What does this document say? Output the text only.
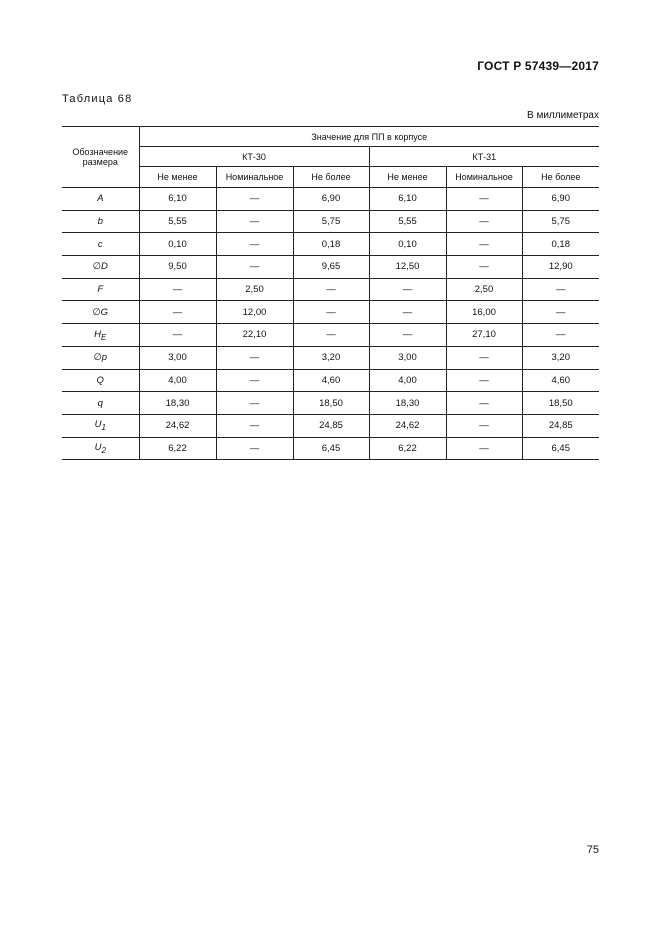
ГОСТ Р 57439—2017
Таблица 68
В миллиметрах
Обозначение размера	Значение для ПП в корпусе					
	КТ-30			КТ-31		
	Не менее	Номинальное	Не более	Не менее	Номинальное	Не более
A	6,10	—	6,90	6,10	—	6,90
b	5,55	—	5,75	5,55	—	5,75
c	0,10	—	0,18	0,10	—	0,18
∅D	9,50	—	9,65	12,50	—	12,90
F	—	2,50	—	—	2,50	—
∅G	—	12,00	—	—	16,00	—
$H_E$	—	22,10	—	—	27,10	—
∅p	3,00	—	3,20	3,00	—	3,20
Q	4,00	—	4,60	4,00	—	4,60
q	18,30	—	18,50	18,30	—	18,50
$U_1$	24,62	—	24,85	24,62	—	24,85
$U_2$	6,22	—	6,45	6,22	—	6,45
75
